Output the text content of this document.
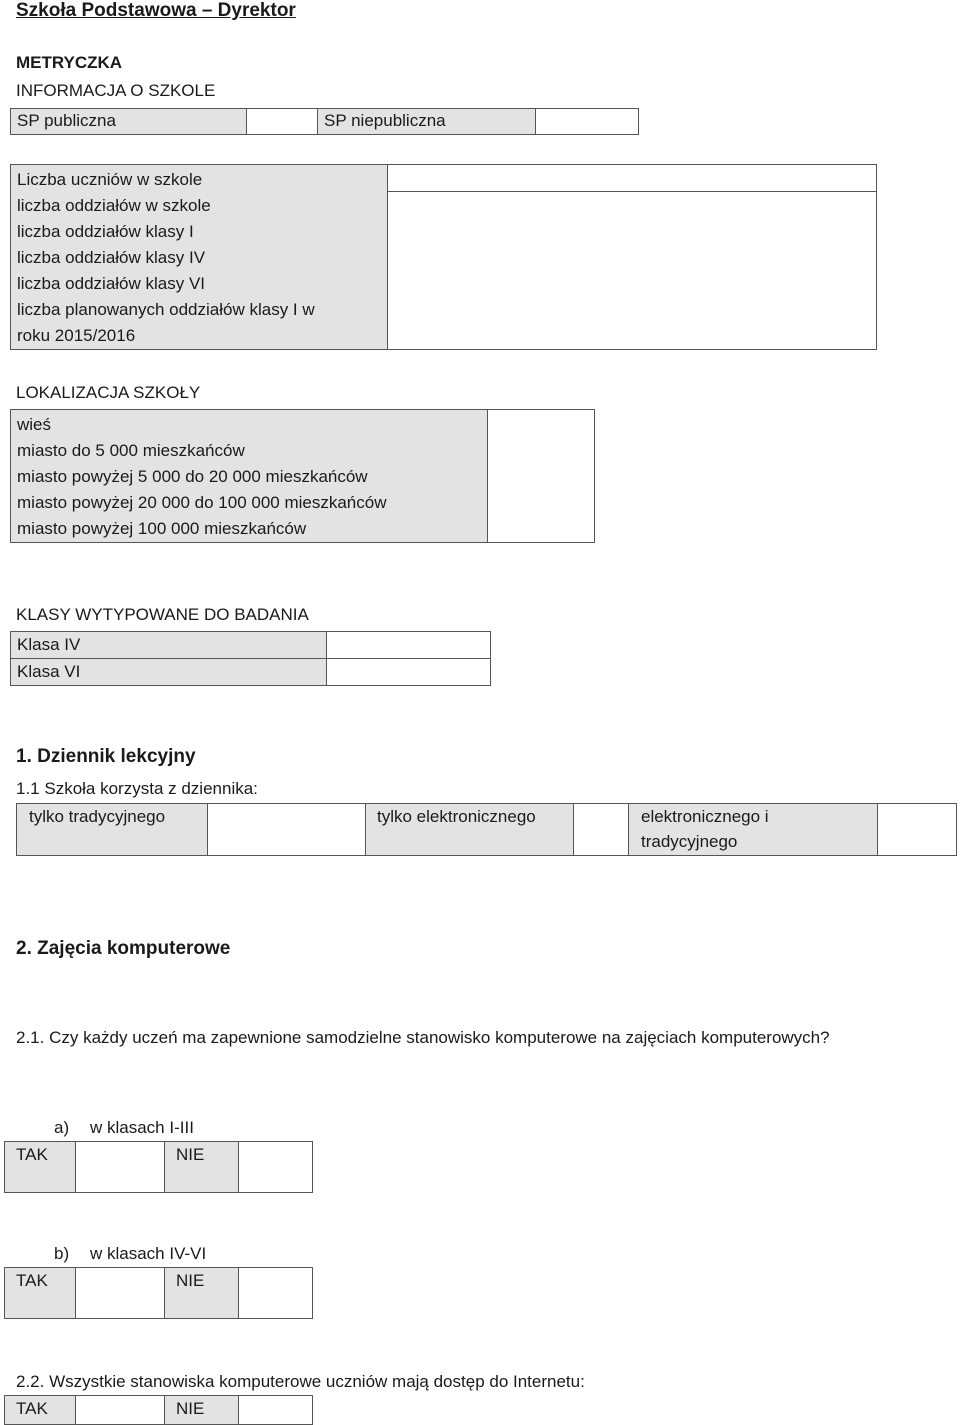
Szkoła Podstawowa – Dyrektor
METRYCZKA
INFORMACJA O SZKOLE
SP publiczna	SP niepubliczna
Liczba uczniów w szkole
liczba oddziałów w szkole
liczba oddziałów klasy I
liczba oddziałów klasy IV
liczba oddziałów klasy VI
liczba planowanych oddziałów klasy I w
roku 2015/2016
LOKALIZACJA SZKOŁY
wieś
miasto do 5 000 mieszkańców
miasto powyżej 5 000 do 20 000 mieszkańców
miasto powyżej 20 000 do 100 000 mieszkańców
miasto powyżej 100 000 mieszkańców
KLASY WYTYPOWANE DO BADANIA
Klasa IV
Klasa VI
1. Dziennik lekcyjny
1.1 Szkoła korzysta z dziennika:
tylko tradycyjnego	tylko elektronicznego	elektronicznego i
tradycyjnego
2. Zajęcia komputerowe
2.1. Czy każdy uczeń ma zapewnione samodzielne stanowisko komputerowe na zajęciach komputerowych?
a) w klasach I-III
TAK	NIE
b) w klasach IV-VI
TAK	NIE
2.2. Wszystkie stanowiska komputerowe uczniów mają dostęp do Internetu:
TAK	NIE
